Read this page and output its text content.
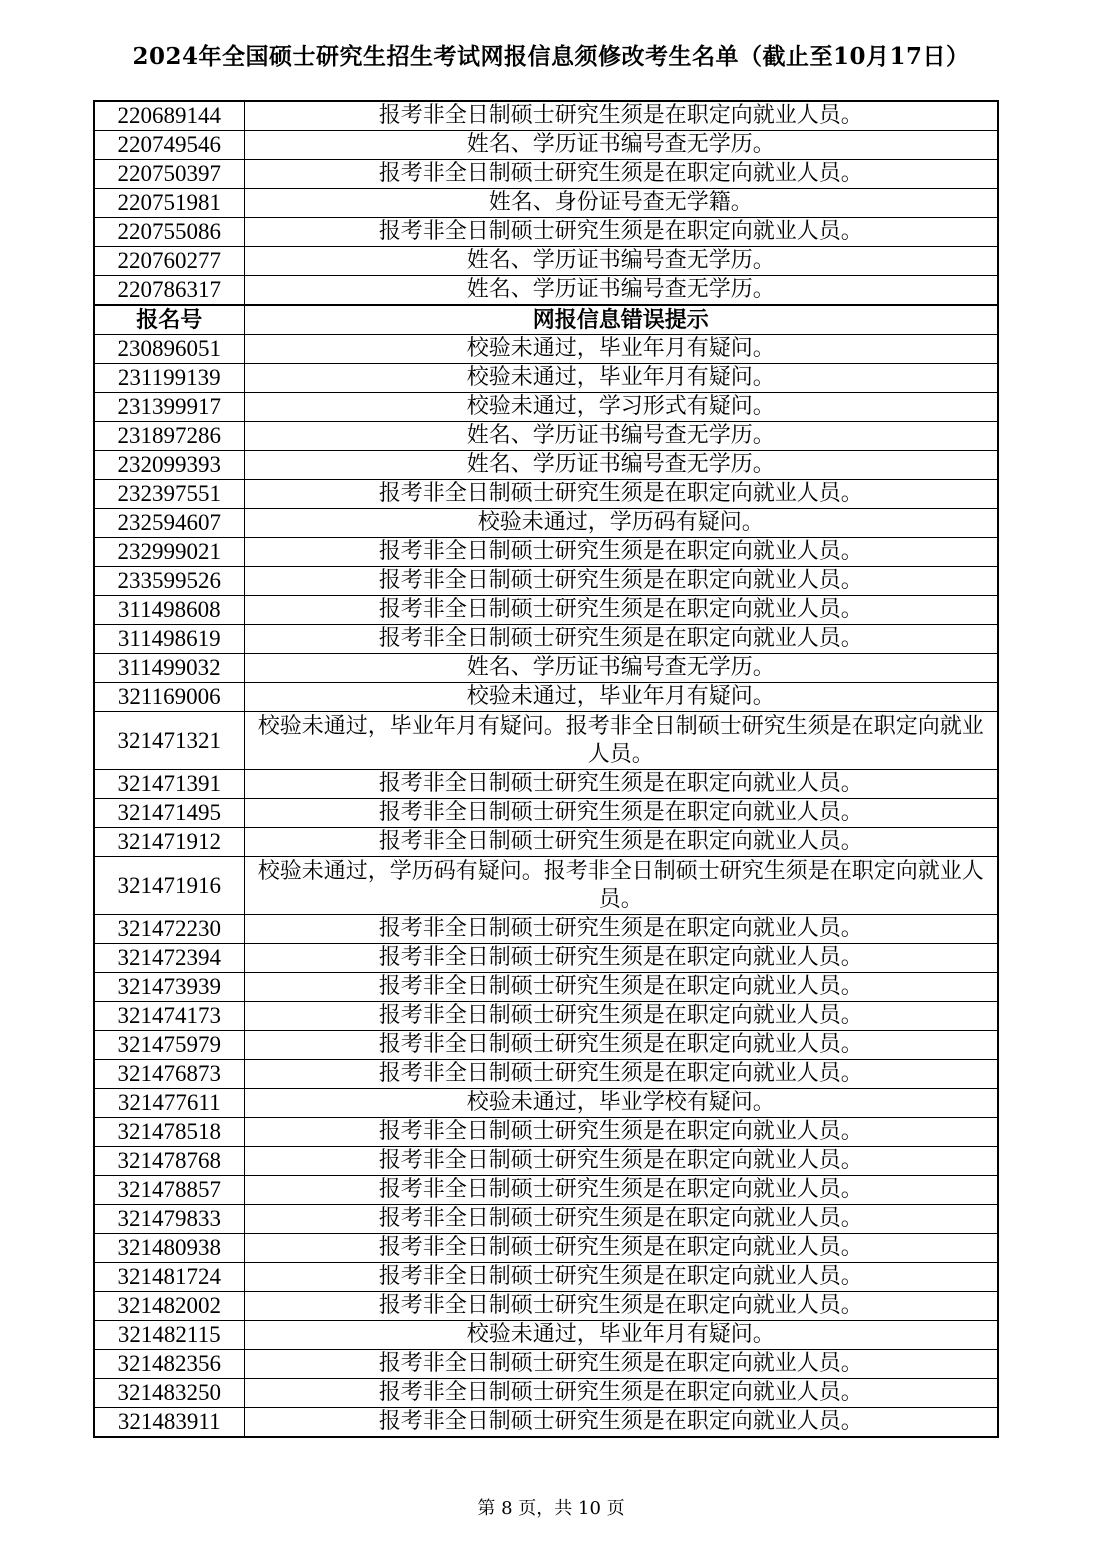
2024年全国硕士研究生招生考试网报信息须修改考生名单（截止至10月17日）
220689144	报考非全日制硕士研究生须是在职定向就业人员。
220749546	姓名、学历证书编号查无学历。
220750397	报考非全日制硕士研究生须是在职定向就业人员。
220751981	姓名、身份证号查无学籍。
220755086	报考非全日制硕士研究生须是在职定向就业人员。
220760277	姓名、学历证书编号查无学历。
220786317	姓名、学历证书编号查无学历。
报名号	网报信息错误提示
230896051	校验未通过，毕业年月有疑问。
231199139	校验未通过，毕业年月有疑问。
231399917	校验未通过，学习形式有疑问。
231897286	姓名、学历证书编号查无学历。
232099393	姓名、学历证书编号查无学历。
232397551	报考非全日制硕士研究生须是在职定向就业人员。
232594607	校验未通过，学历码有疑问。
232999021	报考非全日制硕士研究生须是在职定向就业人员。
233599526	报考非全日制硕士研究生须是在职定向就业人员。
311498608	报考非全日制硕士研究生须是在职定向就业人员。
311498619	报考非全日制硕士研究生须是在职定向就业人员。
311499032	姓名、学历证书编号查无学历。
321169006	校验未通过，毕业年月有疑问。
321471321	校验未通过，毕业年月有疑问。报考非全日制硕士研究生须是在职定向就业人员。
321471391	报考非全日制硕士研究生须是在职定向就业人员。
321471495	报考非全日制硕士研究生须是在职定向就业人员。
321471912	报考非全日制硕士研究生须是在职定向就业人员。
321471916	校验未通过，学历码有疑问。报考非全日制硕士研究生须是在职定向就业人员。
321472230	报考非全日制硕士研究生须是在职定向就业人员。
321472394	报考非全日制硕士研究生须是在职定向就业人员。
321473939	报考非全日制硕士研究生须是在职定向就业人员。
321474173	报考非全日制硕士研究生须是在职定向就业人员。
321475979	报考非全日制硕士研究生须是在职定向就业人员。
321476873	报考非全日制硕士研究生须是在职定向就业人员。
321477611	校验未通过，毕业学校有疑问。
321478518	报考非全日制硕士研究生须是在职定向就业人员。
321478768	报考非全日制硕士研究生须是在职定向就业人员。
321478857	报考非全日制硕士研究生须是在职定向就业人员。
321479833	报考非全日制硕士研究生须是在职定向就业人员。
321480938	报考非全日制硕士研究生须是在职定向就业人员。
321481724	报考非全日制硕士研究生须是在职定向就业人员。
321482002	报考非全日制硕士研究生须是在职定向就业人员。
321482115	校验未通过，毕业年月有疑问。
321482356	报考非全日制硕士研究生须是在职定向就业人员。
321483250	报考非全日制硕士研究生须是在职定向就业人员。
321483911	报考非全日制硕士研究生须是在职定向就业人员。
第 8 页，共 10 页
